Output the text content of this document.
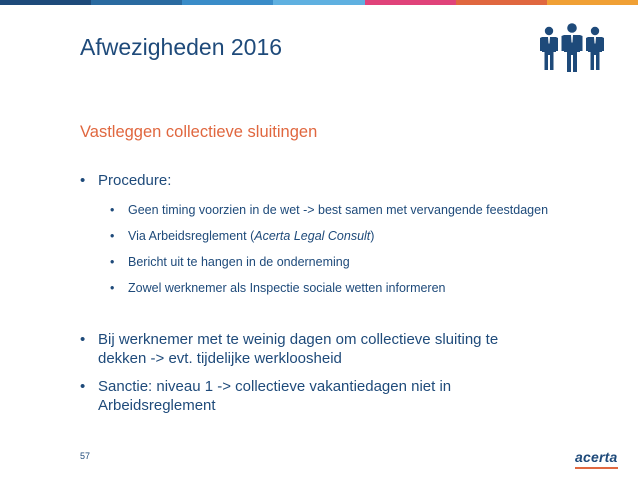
Afwezigheden 2016
Vastleggen collectieve sluitingen
• Procedure:
• Geen timing voorzien in de wet -> best samen met vervangende feestdagen
• Via Arbeidsreglement (Acerta Legal Consult)
• Bericht uit te hangen in de onderneming
• Zowel werknemer als Inspectie sociale wetten informeren
• Bij werknemer met te weinig dagen om collectieve sluiting te dekken -> evt. tijdelijke werkloosheid
• Sanctie: niveau 1 -> collectieve vakantiedagen niet in Arbeidsreglement
57	acerta
